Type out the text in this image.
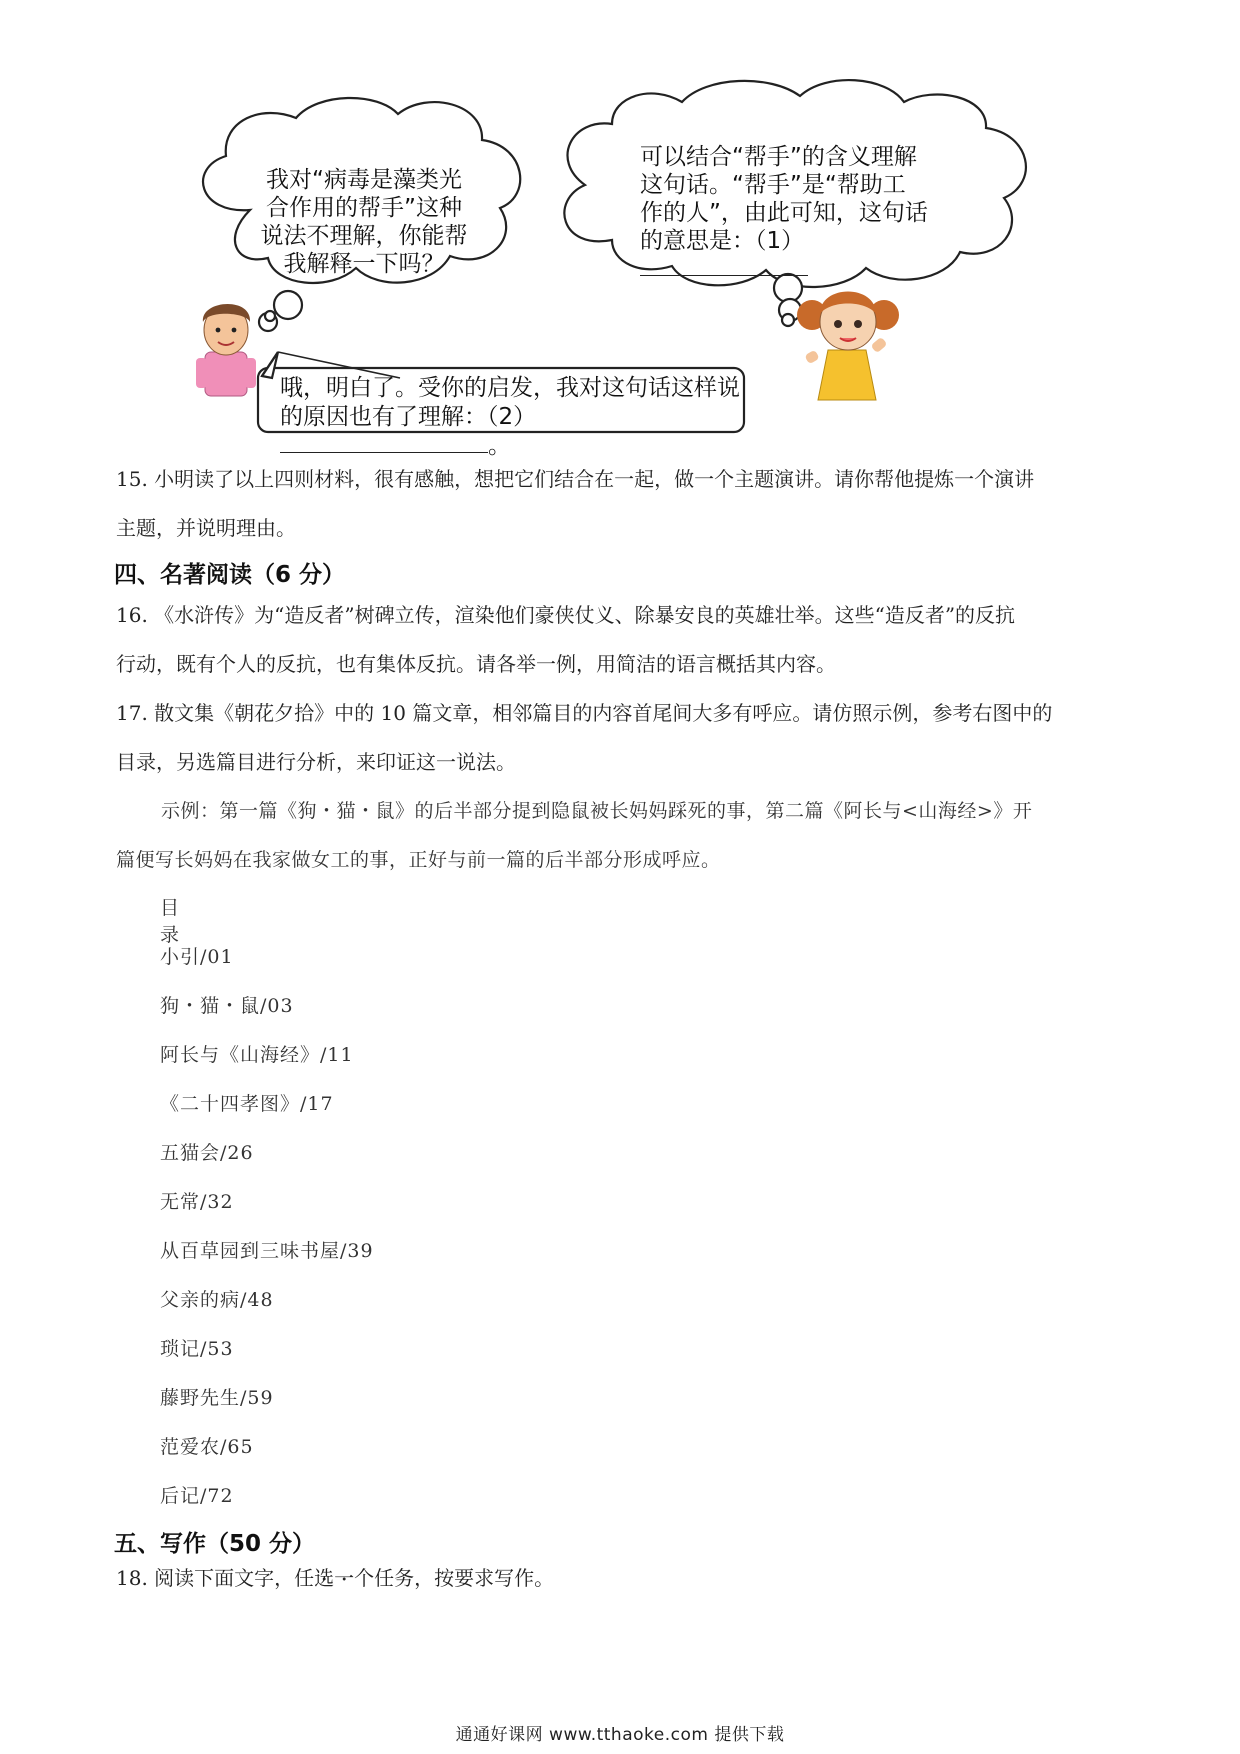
我对“病毒是藻类光
合作用的帮手”这种
说法不理解，你能帮
我解释一下吗？
可以结合“帮手”的含义理解
这句话。“帮手”是“帮助工
作的人”，由此可知，这句话
的意思是：（1）
哦，明白了。受你的启发，我对这句话这样说
的原因也有了理解：（2）。
15. 小明读了以上四则材料，很有感触，想把它们结合在一起，做一个主题演讲。请你帮他提炼一个演讲
主题，并说明理由。
四、名著阅读（6 分）
16. 《水浒传》为“造反者”树碑立传，渲染他们豪侠仗义、除暴安良的英雄壮举。这些“造反者”的反抗
行动，既有个人的反抗，也有集体反抗。请各举一例，用简洁的语言概括其内容。
17. 散文集《朝花夕拾》中的 10 篇文章，相邻篇目的内容首尾间大多有呼应。请仿照示例，参考右图中的
目录，另选篇目进行分析，来印证这一说法。
示例：第一篇《狗・猫・鼠》的后半部分提到隐鼠被长妈妈踩死的事，第二篇《阿长与<山海经>》开
篇便写长妈妈在我家做女工的事，正好与前一篇的后半部分形成呼应。
目录
小引/01
狗・猫・鼠/03
阿长与《山海经》/11
《二十四孝图》/17
五猫会/26
无常/32
从百草园到三味书屋/39
父亲的病/48
琐记/53
藤野先生/59
范爱农/65
后记/72
五、写作（50 分）
18. 阅读下面文字，任选 •一 •个任务，按要求写作。
通通好课网 www.tthaoke.com 提供下载
